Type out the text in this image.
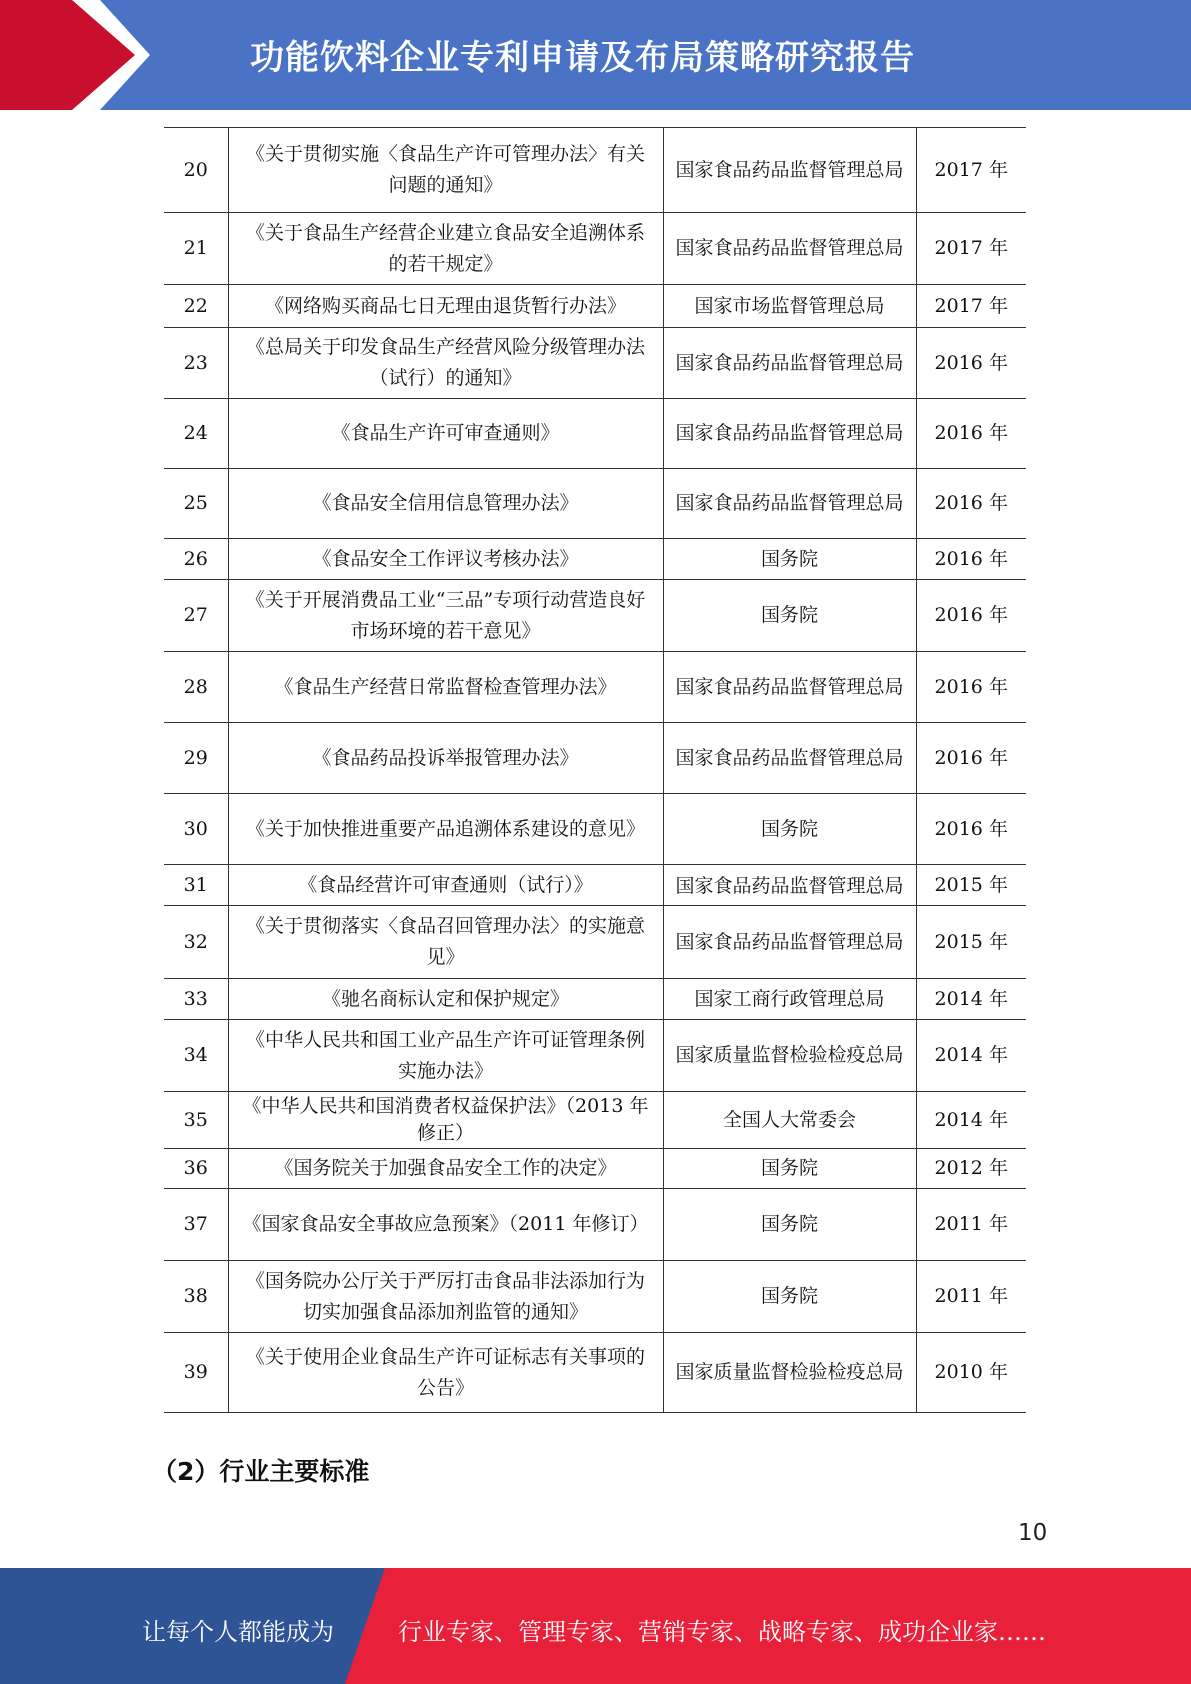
功能饮料企业专利申请及布局策略研究报告
20	《关于贯彻实施〈食品生产许可管理办法〉有关问题的通知》	国家食品药品监督管理总局	2017 年
21	《关于食品生产经营企业建立食品安全追溯体系的若干规定》	国家食品药品监督管理总局	2017 年
22	《网络购买商品七日无理由退货暂行办法》	国家市场监督管理总局	2017 年
23	《总局关于印发食品生产经营风险分级管理办法（试行）的通知》	国家食品药品监督管理总局	2016 年
24	《食品生产许可审查通则》	国家食品药品监督管理总局	2016 年
25	《食品安全信用信息管理办法》	国家食品药品监督管理总局	2016 年
26	《食品安全工作评议考核办法》	国务院	2016 年
27	《关于开展消费品工业“三品”专项行动营造良好市场环境的若干意见》	国务院	2016 年
28	《食品生产经营日常监督检查管理办法》	国家食品药品监督管理总局	2016 年
29	《食品药品投诉举报管理办法》	国家食品药品监督管理总局	2016 年
30	《关于加快推进重要产品追溯体系建设的意见》	国务院	2016 年
31	《食品经营许可审查通则（试行）》	国家食品药品监督管理总局	2015 年
32	《关于贯彻落实〈食品召回管理办法〉的实施意见》	国家食品药品监督管理总局	2015 年
33	《驰名商标认定和保护规定》	国家工商行政管理总局	2014 年
34	《中华人民共和国工业产品生产许可证管理条例实施办法》	国家质量监督检验检疫总局	2014 年
35	《中华人民共和国消费者权益保护法》（2013 年修正）	全国人大常委会	2014 年
36	《国务院关于加强食品安全工作的决定》	国务院	2012 年
37	《国家食品安全事故应急预案》（2011 年修订）	国务院	2011 年
38	《国务院办公厅关于严厉打击食品非法添加行为切实加强食品添加剂监管的通知》	国务院	2011 年
39	《关于使用企业食品生产许可证标志有关事项的公告》	国家质量监督检验检疫总局	2010 年
（2）行业主要标准
10
让每个人都能成为	行业专家、管理专家、营销专家、战略专家、成功企业家……
